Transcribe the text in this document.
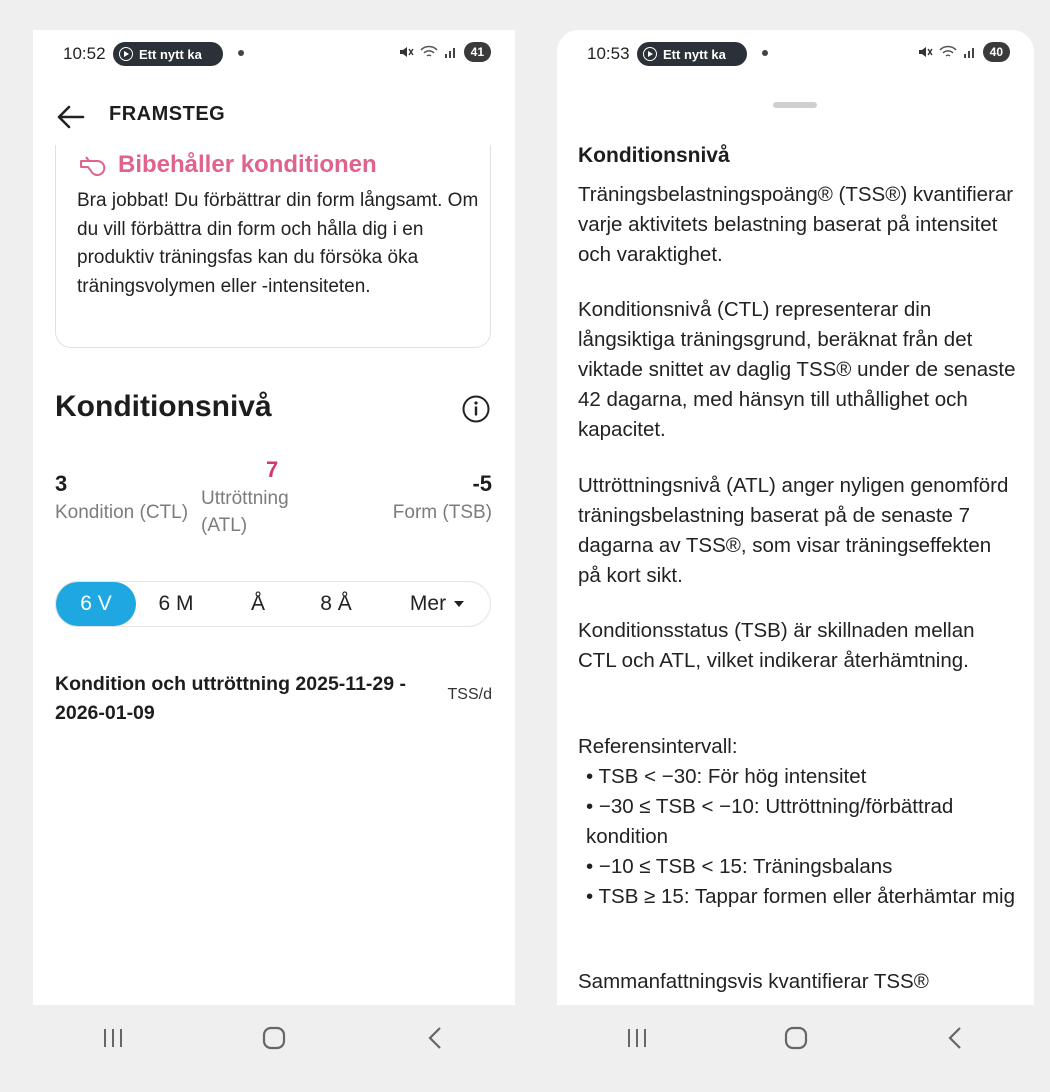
10:52	Ett nytt ka	41
FRAMSTEG
Bibehåller konditionen
Bra jobbat! Du förbättrar din form långsamt. Om du vill förbättra din form och hålla dig i en produktiv träningsfas kan du försöka öka träningsvolymen eller -intensiteten.
Konditionsnivå
3
Kondition (CTL)
7
Uttröttning (ATL)
-5
Form (TSB)
6 V	6 M	Å	8 Å	Mer
Kondition och uttröttning 2025-11-29 - 2026-01-09
TSS/d
10:53	Ett nytt ka	40
Konditionsnivå

Träningsbelastningspoäng® (TSS®) kvantifierar varje aktivitets belastning baserat på intensitet och varaktighet.

Konditionsnivå (CTL) representerar din långsiktiga träningsgrund, beräknat från det viktade snittet av daglig TSS® under de senaste 42 dagarna, med hänsyn till uthållighet och kapacitet.

Uttröttningsnivå (ATL) anger nyligen genomförd träningsbelastning baserat på de senaste 7 dagarna av TSS®, som visar träningseffekten på kort sikt.

Konditionsstatus (TSB) är skillnaden mellan CTL och ATL, vilket indikerar återhämtning.

Referensintervall:
• TSB < −30: För hög intensitet
• −30 ≤ TSB < −10: Uttröttning/förbättrad kondition
• −10 ≤ TSB < 15: Träningsbalans
• TSB ≥ 15: Tappar formen eller återhämtar mig

Sammanfattningsvis kvantifierar TSS®
